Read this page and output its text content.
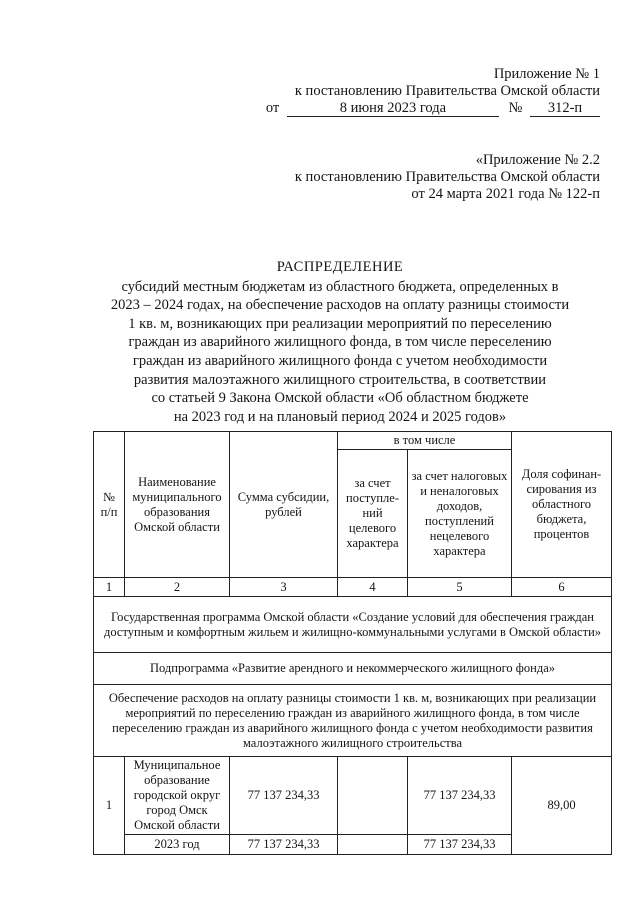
Приложение № 1
к постановлению Правительства Омской области
от	8 июня 2023 года	№ 312-п
«Приложение № 2.2
к постановлению Правительства Омской области
от 24 марта 2021 года № 122-п
РАСПРЕДЕЛЕНИЕ
субсидий местным бюджетам из областного бюджета, определенных в
2023 – 2024 годах, на обеспечение расходов на оплату разницы стоимости
1 кв. м, возникающих при реализации мероприятий по переселению
граждан из аварийного жилищного фонда, в том числе переселению
граждан из аварийного жилищного фонда с учетом необходимости
развития малоэтажного жилищного строительства, в соответствии
со статьей 9 Закона Омской области «Об областном бюджете
на 2023 год и на плановый период 2024 и 2025 годов»
№ п/п	Наименование муниципального образования Омской области	Сумма субсидии, рублей	в том числе		Доля софинан-сирования из областного бюджета, процентов
			за счет поступле-ний целевого характера	за счет налоговых и неналоговых доходов, поступлений нецелевого характера	
1	2	3	4	5	6
Государственная программа Омской области «Создание условий для обеспечения граждан доступным и комфортным жильем и жилищно-коммунальными услугами в Омской области»					
Подпрограмма «Развитие арендного и некоммерческого жилищного фонда»					
Обеспечение расходов на оплату разницы стоимости 1 кв. м, возникающих при реализации мероприятий по переселению граждан из аварийного жилищного фонда, в том числе переселению граждан из аварийного жилищного фонда с учетом необходимости развития малоэтажного жилищного строительства					
1	Муниципальное образование городской округ город Омск Омской области	77 137 234,33		77 137 234,33	89,00
	2023 год	77 137 234,33		77 137 234,33	
